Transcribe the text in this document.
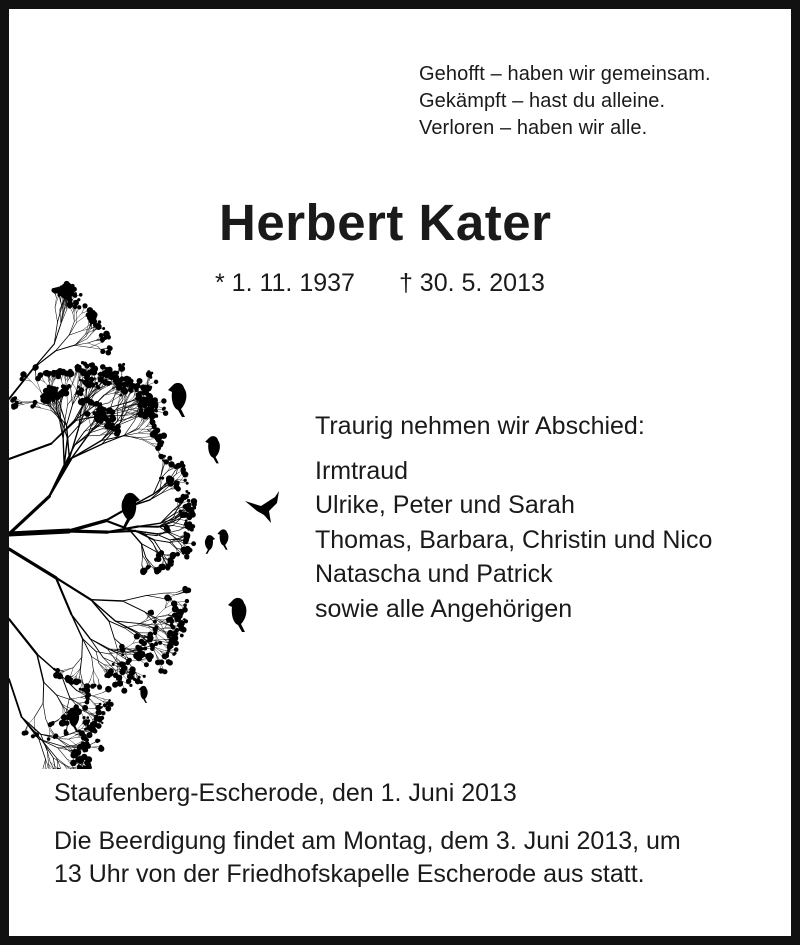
Gehofft – haben wir gemeinsam.
Gekämpft – hast du alleine.
Verloren – haben wir alle.
Herbert Kater
* 1. 11. 1937 † 30. 5. 2013
Traurig nehmen wir Abschied:
Irmtraud
Ulrike, Peter und Sarah
Thomas, Barbara, Christin und Nico
Natascha und Patrick
sowie alle Angehörigen
Staufenberg-Escherode, den 1. Juni 2013
Die Beerdigung findet am Montag, dem 3. Juni 2013, um
13 Uhr von der Friedhofskapelle Escherode aus statt.
